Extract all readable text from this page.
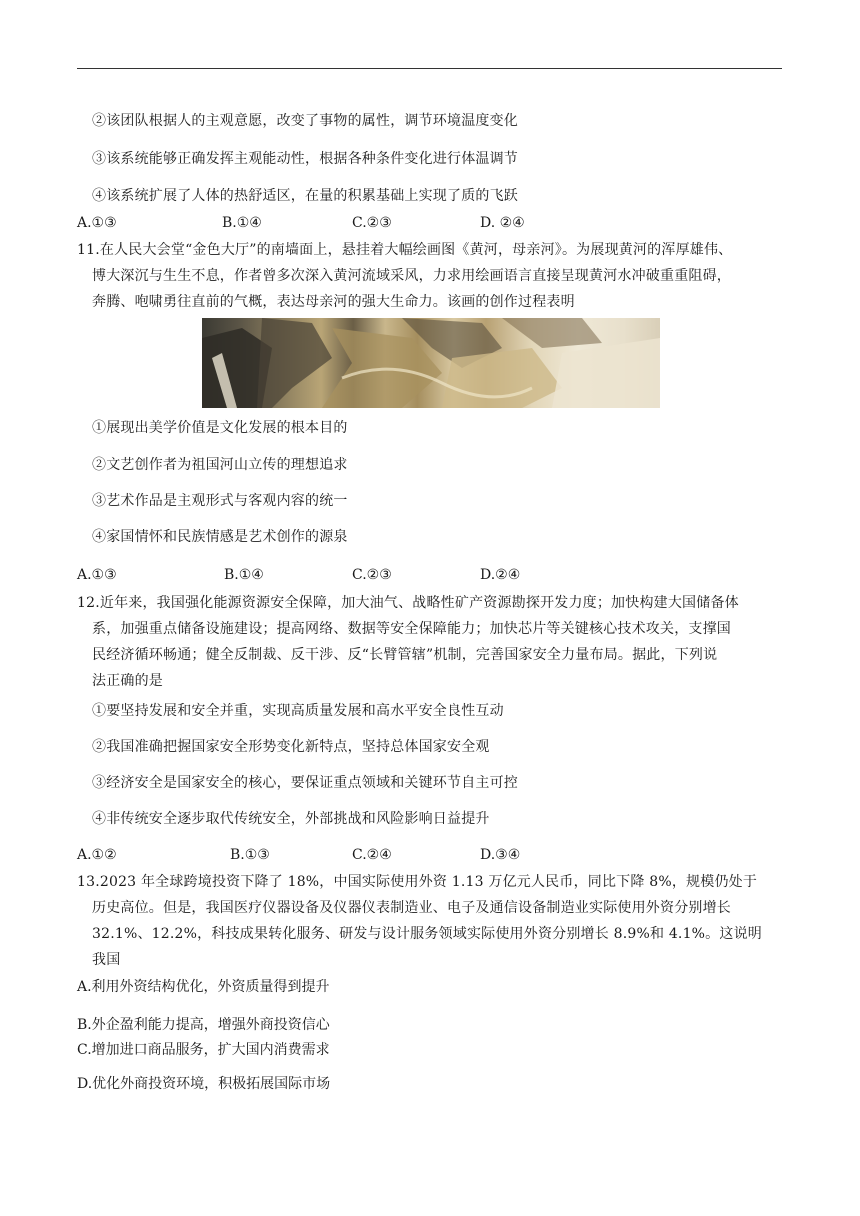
②该团队根据人的主观意愿，改变了事物的属性，调节环境温度变化
③该系统能够正确发挥主观能动性，根据各种条件变化进行体温调节
④该系统扩展了人体的热舒适区，在量的积累基础上实现了质的飞跃
A.①③	B.①④	C.②③	D. ②④
11.在人民大会堂“金色大厅”的南墙面上，悬挂着大幅绘画图《黄河，母亲河》。为展现黄河的浑厚雄伟、
博大深沉与生生不息，作者曾多次深入黄河流域采风，力求用绘画语言直接呈现黄河水冲破重重阻碍，
奔腾、咆啸勇往直前的气概，表达母亲河的强大生命力。该画的创作过程表明
①展现出美学价值是文化发展的根本目的
②文艺创作者为祖国河山立传的理想追求
③艺术作品是主观形式与客观内容的统一
④家国情怀和民族情感是艺术创作的源泉
A.①③	B.①④	C.②③	D.②④
12.近年来，我国强化能源资源安全保障，加大油气、战略性矿产资源勘探开发力度；加快构建大国储备体
系，加强重点储备设施建设；提高网络、数据等安全保障能力；加快芯片等关键核心技术攻关，支撑国
民经济循环畅通；健全反制裁、反干涉、反“长臂管辖”机制，完善国家安全力量布局。据此，下列说
法正确的是
①要坚持发展和安全并重，实现高质量发展和高水平安全良性互动
②我国准确把握国家安全形势变化新特点，坚持总体国家安全观
③经济安全是国家安全的核心，要保证重点领域和关键环节自主可控
④非传统安全逐步取代传统安全，外部挑战和风险影响日益提升
A.①②	B.①③	C.②④	D.③④
13.2023 年全球跨境投资下降了 18%，中国实际使用外资 1.13 万亿元人民币，同比下降 8%，规模仍处于
历史高位。但是，我国医疗仪器设备及仪器仪表制造业、电子及通信设备制造业实际使用外资分别增长
32.1%、12.2%，科技成果转化服务、研发与设计服务领域实际使用外资分别增长 8.9%和 4.1%。这说明
我国
A.利用外资结构优化，外资质量得到提升
B.外企盈利能力提高，增强外商投资信心
C.增加进口商品服务，扩大国内消费需求
D.优化外商投资环境，积极拓展国际市场
